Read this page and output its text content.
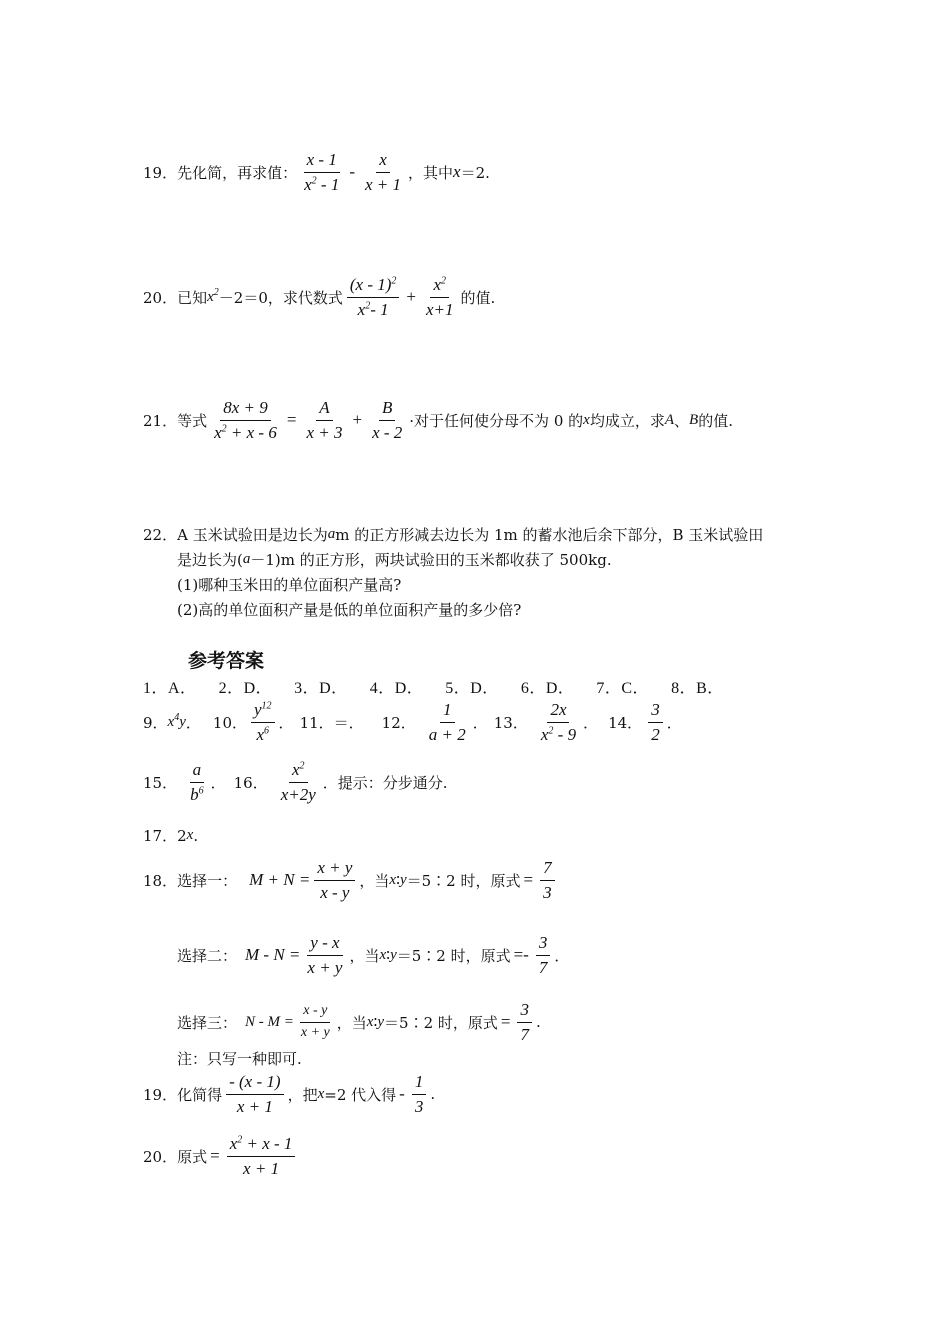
19． 先化简，再求值： $\frac{x - 1}{x^2 - 1} - \frac{x}{x + 1}$ ，其中 x ＝2.
20． 已知 $x^2 -2=0$，求代数式 $\frac{(x - 1)^2}{x^2- 1} + \frac{x^2}{x+1}$ 的值.
21． 等式 $\frac{8x + 9}{x^2 + x - 6} = \frac{A}{x + 3} + \frac{B}{x - 2}$ ·对于任何使分母不为 0 的 x 均成立，求 A 、 B 的值.
22．A 玉米试验田是边长为 a m 的正方形减去边长为 1m 的蓄水池后余下部分，B 玉米试验田
是边长为( a －1)m 的正方形，两块试验田的玉米都收获了 500kg.
(1)哪种玉米田的单位面积产量高?
(2)高的单位面积产量是低的单位面积产量的多少倍?
参考答案
1．A． 2．D． 3．D． 4．D． 5．D． 6．D． 7．C． 8．B．
9． $x^4y$ ． 10． $\frac{y^{12}}{x^6}$ ． 11． ＝． 12． $\frac{1}{a + 2}$ ． 13． $\frac{2x}{x^2 - 9}$ ． 14． $\frac{3}{2}$ ．
15． $\frac{a}{b^6}$ ． 16． $\frac{x^2}{x+2y}$ ． 提示：分步通分.
17． 2 x .
18． 选择一： $M + N = \frac{x + y}{x - y}$ ，当 x ∶ y ＝5∶2 时，原式 = $\frac{7}{3}$
选择二： $M - N = \frac{y - x}{x + y}$ ，当 x ∶ y ＝5∶2 时，原式 =- $\frac{3}{7}$ ．
选择三： $N - M = \frac{x - y}{x + y}$ ，当 x ∶ y ＝5∶2 时，原式 = $\frac{3}{7}$ .
注：只写一种即可.
19． 化简得 $\frac{- (x - 1)}{x + 1}$ ，把 x =2 代入得 - $\frac{1}{3}$ .
20． 原式 = $\frac{x^2 + x - 1}{x + 1}$
